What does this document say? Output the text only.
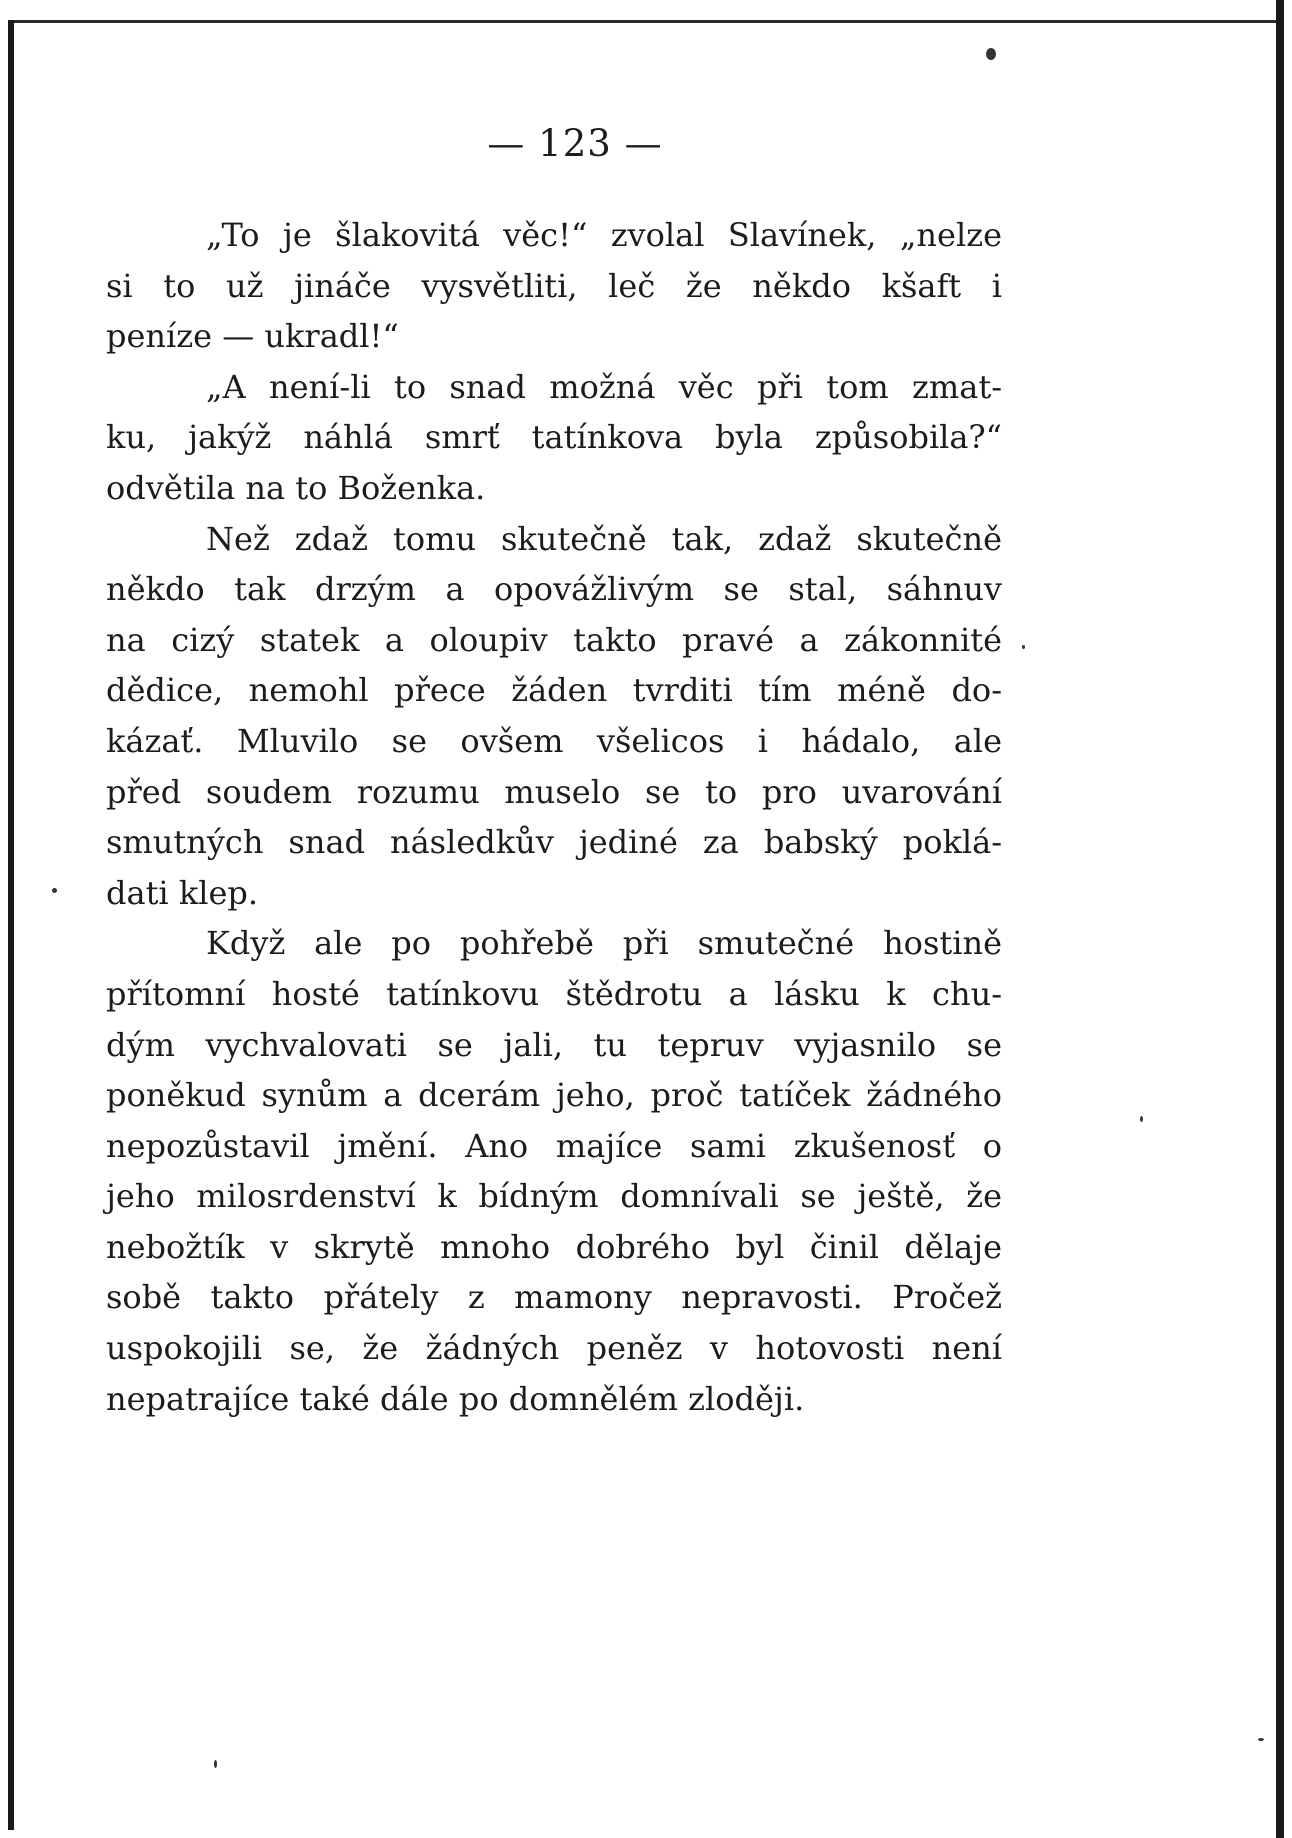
— 123 —
„To je šlakovitá věc!“ zvolal Slavínek, „nelze
si to už jináče vysvětliti, leč že někdo kšaft i
peníze — ukradl!“
„A není-li to snad možná věc při tom zmat-
ku, jakýž náhlá smrť tatínkova byla způsobila?“
odvětila na to Boženka.
Než zdaž tomu skutečně tak, zdaž skutečně
někdo tak drzým a opovážlivým se stal, sáhnuv
na cizý statek a oloupiv takto pravé a zákonnité
dědice, nemohl přece žáden tvrditi tím méně do-
kázať. Mluvilo se ovšem všelicos i hádalo, ale
před soudem rozumu muselo se to pro uvarování
smutných snad následkův jediné za babský poklá-
dati klep.
Když ale po pohřebě při smutečné hostině
přítomní hosté tatínkovu štědrotu a lásku k chu-
dým vychvalovati se jali, tu tepruv vyjasnilo se
poněkud synům a dcerám jeho, proč tatíček žádného
nepozůstavil jmění. Ano majíce sami zkušenosť o
jeho milosrdenství k bídným domnívali se ještě, že
nebožtík v skrytě mnoho dobrého byl činil dělaje
sobě takto přátely z mamony nepravosti. Pročež
uspokojili se, že žádných peněz v hotovosti není
nepatrajíce také dále po domnělém zloději.
